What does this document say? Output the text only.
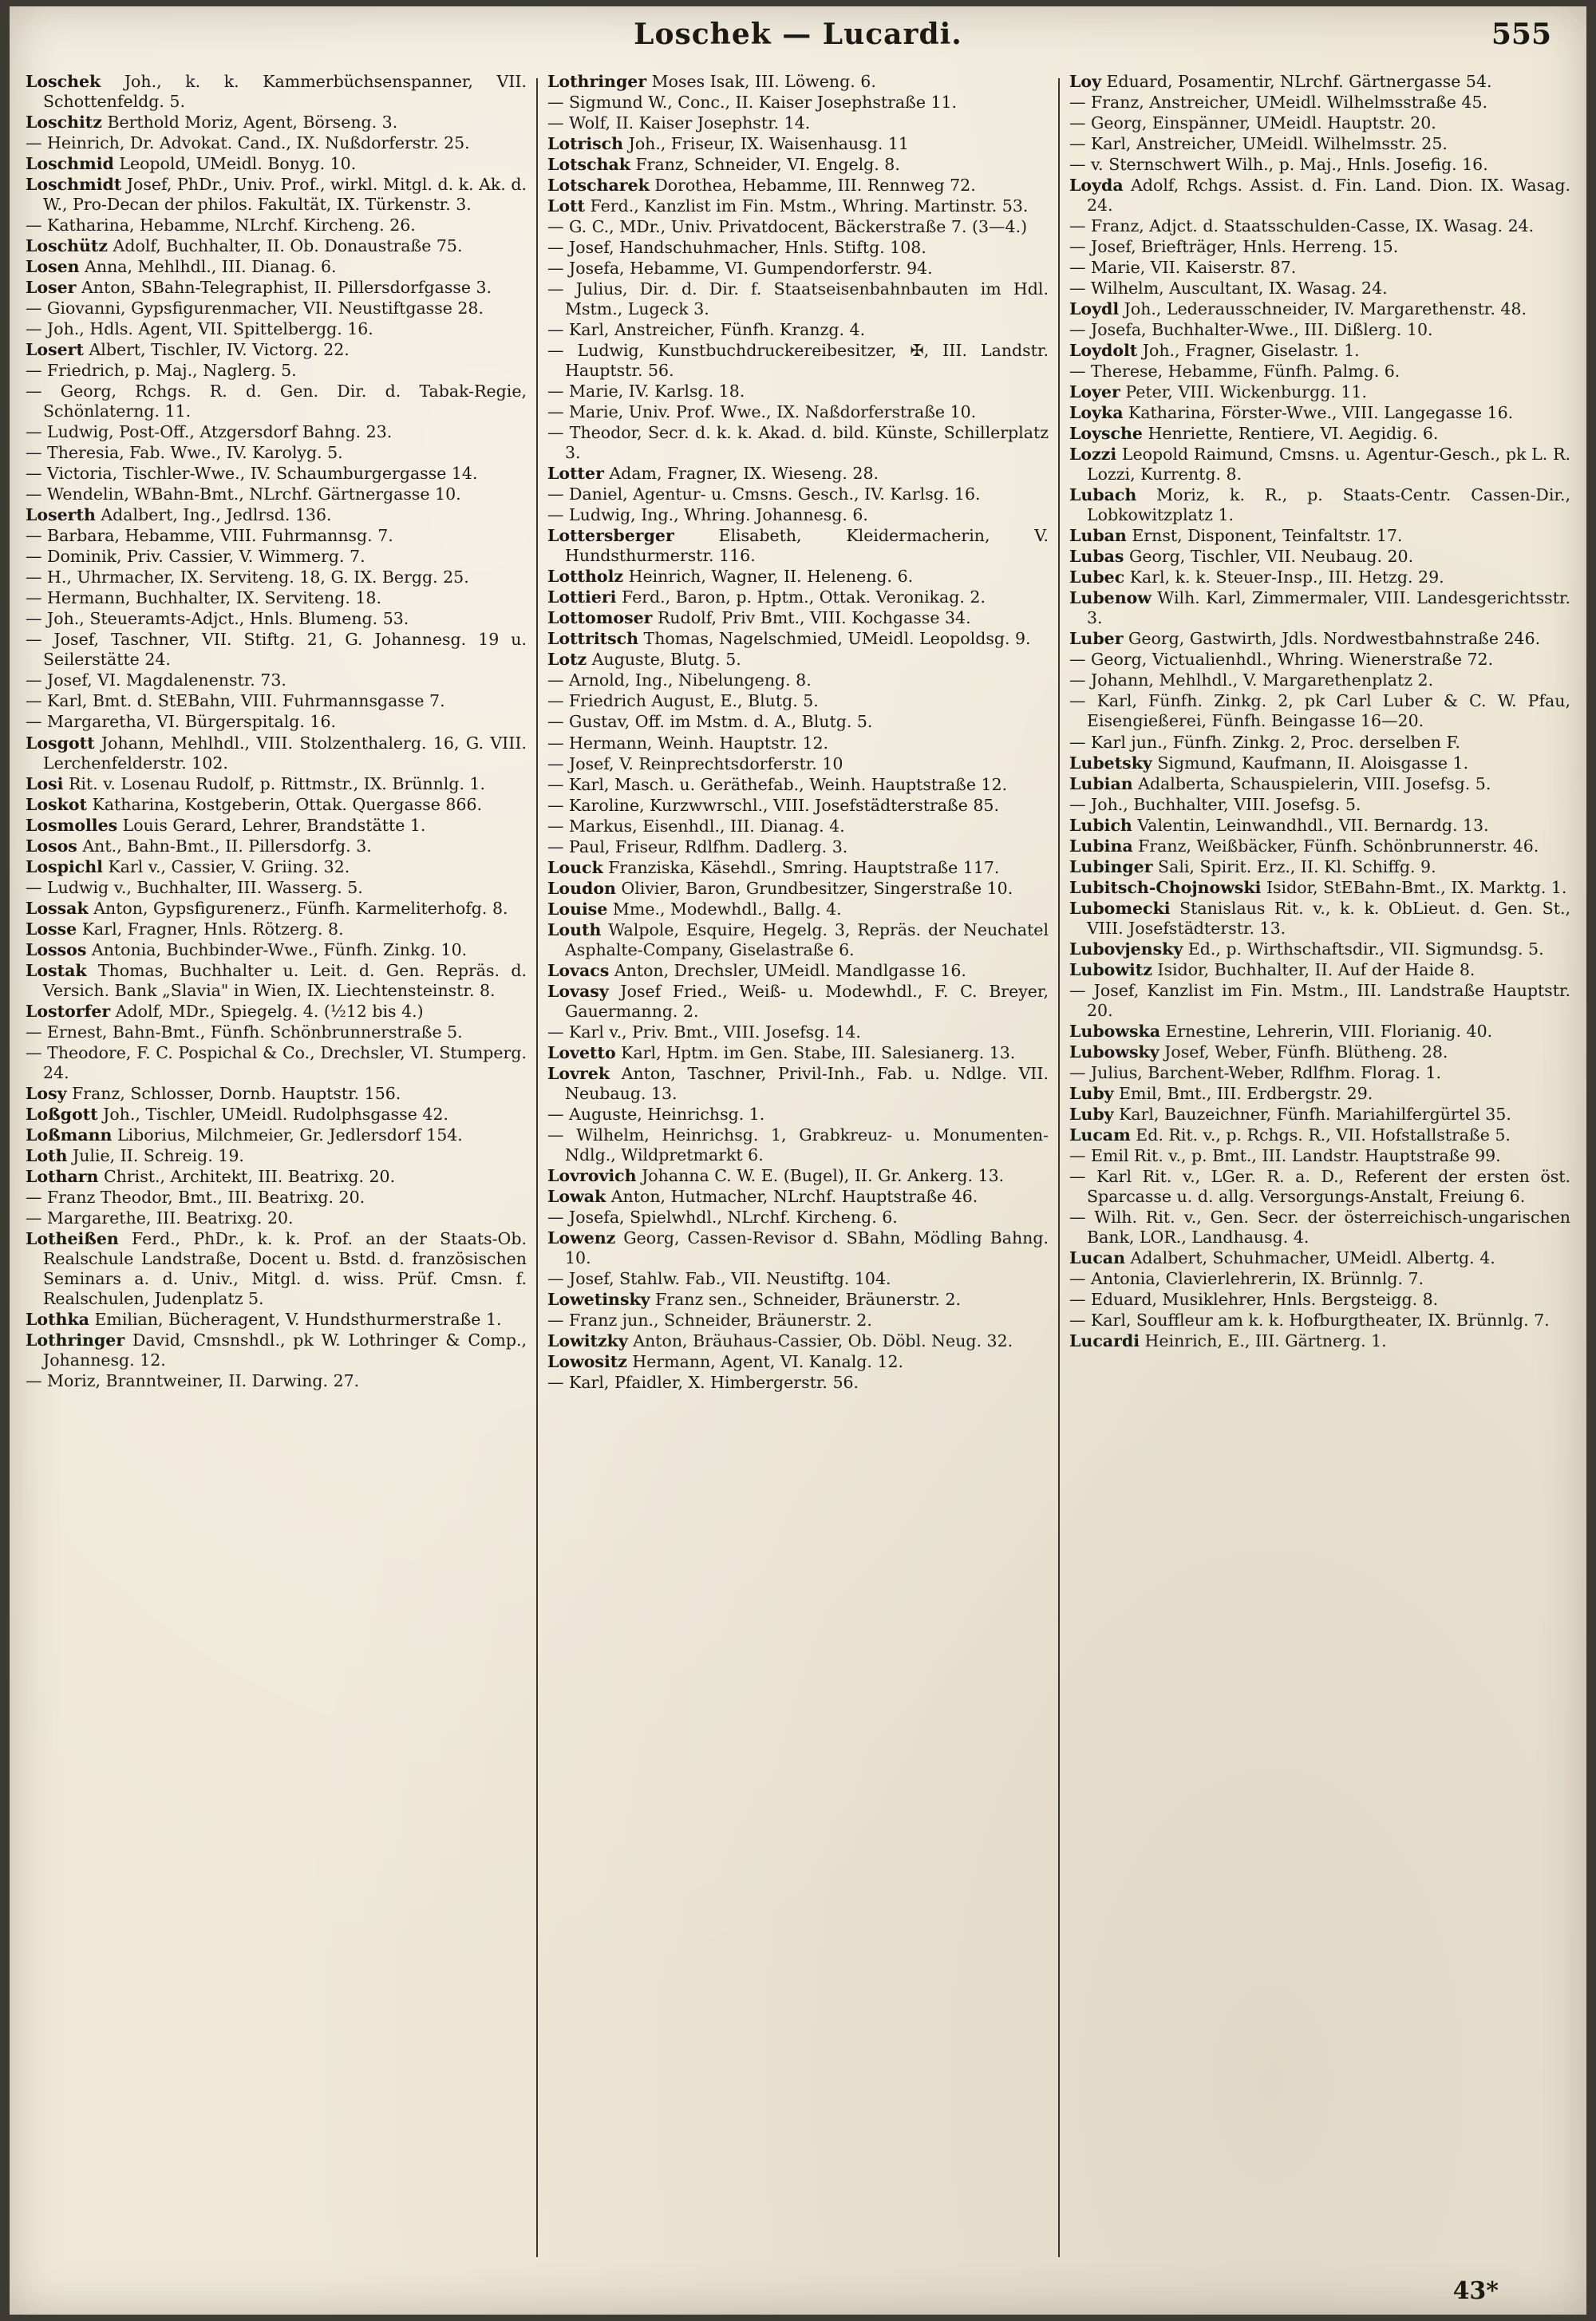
Loschek — Lucardi.	555

Loschek Joh., k. k. Kammerbüchsenspanner, VII. Schottenfeldg. 5.

Loschitz Berthold Moriz, Agent, Börseng. 3.

— Heinrich, Dr. Advokat. Cand., IX. Nußdorferstr. 25.

Loschmid Leopold, UMeidl. Bonyg. 10.

Loschmidt Josef, PhDr., Univ. Prof., wirkl. Mitgl. d. k. Ak. d. W., Pro-Decan der philos. Fakultät, IX. Türkenstr. 3.

— Katharina, Hebamme, NLrchf. Kircheng. 26.

Loschütz Adolf, Buchhalter, II. Ob. Donaustraße 75.

Losen Anna, Mehlhdl., III. Dianag. 6.

Loser Anton, SBahn-Telegraphist, II. Pillersdorfgasse 3.

— Giovanni, Gypsfigurenmacher, VII. Neustiftgasse 28.

— Joh., Hdls. Agent, VII. Spittelbergg. 16.

Losert Albert, Tischler, IV. Victorg. 22.

— Friedrich, p. Maj., Naglerg. 5.

— Georg, Rchgs. R. d. Gen. Dir. d. Tabak-Regie, Schönlaterng. 11.

— Ludwig, Post-Off., Atzgersdorf Bahng. 23.

— Theresia, Fab. Wwe., IV. Karolyg. 5.

— Victoria, Tischler-Wwe., IV. Schaumburgergasse 14.

— Wendelin, WBahn-Bmt., NLrchf. Gärtnergasse 10.

Loserth Adalbert, Ing., Jedlrsd. 136.

— Barbara, Hebamme, VIII. Fuhrmannsg. 7.

— Dominik, Priv. Cassier, V. Wimmerg. 7.

— H., Uhrmacher, IX. Serviteng. 18, G. IX. Bergg. 25.

— Hermann, Buchhalter, IX. Serviteng. 18.

— Joh., Steueramts-Adjct., Hnls. Blumeng. 53.

— Josef, Taschner, VII. Stiftg. 21, G. Johannesg. 19 u. Seilerstätte 24.

— Josef, VI. Magdalenenstr. 73.

— Karl, Bmt. d. StEBahn, VIII. Fuhrmannsgasse 7.

— Margaretha, VI. Bürgerspitalg. 16.

Losgott Johann, Mehlhdl., VIII. Stolzenthalerg. 16, G. VIII. Lerchenfelderstr. 102.

Losi Rit. v. Losenau Rudolf, p. Rittmstr., IX. Brünnlg. 1.

Loskot Katharina, Kostgeberin, Ottak. Quergasse 866.

Losmolles Louis Gerard, Lehrer, Brandstätte 1.

Losos Ant., Bahn-Bmt., II. Pillersdorfg. 3.

Lospichl Karl v., Cassier, V. Griing. 32.

— Ludwig v., Buchhalter, III. Wasserg. 5.

Lossak Anton, Gypsfigurenerz., Fünfh. Karmeliterhofg. 8.

Losse Karl, Fragner, Hnls. Rötzerg. 8.

Lossos Antonia, Buchbinder-Wwe., Fünfh. Zinkg. 10.

Lostak Thomas, Buchhalter u. Leit. d. Gen. Repräs. d. Versich. Bank „Slavia" in Wien, IX. Liechtensteinstr. 8.

Lostorfer Adolf, MDr., Spiegelg. 4. (½12 bis 4.)

— Ernest, Bahn-Bmt., Fünfh. Schönbrunnerstraße 5.

— Theodore, F. C. Pospichal & Co., Drechsler, VI. Stumperg. 24.

Losy Franz, Schlosser, Dornb. Hauptstr. 156.

Loßgott Joh., Tischler, UMeidl. Rudolphsgasse 42.

Loßmann Liborius, Milchmeier, Gr. Jedlersdorf 154.

Loth Julie, II. Schreig. 19.

Lotharn Christ., Architekt, III. Beatrixg. 20.

— Franz Theodor, Bmt., III. Beatrixg. 20.

— Margarethe, III. Beatrixg. 20.

Lotheißen Ferd., PhDr., k. k. Prof. an der Staats-Ob. Realschule Landstraße, Docent u. Bstd. d. französischen Seminars a. d. Univ., Mitgl. d. wiss. Prüf. Cmsn. f. Realschulen, Judenplatz 5.

Lothka Emilian, Bücheragent, V. Hundsthurmerstraße 1.

Lothringer David, Cmsnshdl., pk W. Lothringer & Comp., Johannesg. 12.

— Moriz, Branntweiner, II. Darwing. 27.

Lothringer Moses Isak, III. Löweng. 6.

— Sigmund W., Conc., II. Kaiser Josephstraße 11.

— Wolf, II. Kaiser Josephstr. 14.

Lotrisch Joh., Friseur, IX. Waisenhausg. 11

Lotschak Franz, Schneider, VI. Engelg. 8.

Lotscharek Dorothea, Hebamme, III. Rennweg 72.

Lott Ferd., Kanzlist im Fin. Mstm., Whring. Martinstr. 53.

— G. C., MDr., Univ. Privatdocent, Bäckerstraße 7. (3—4.)

— Josef, Handschuhmacher, Hnls. Stiftg. 108.

— Josefa, Hebamme, VI. Gumpendorferstr. 94.

— Julius, Dir. d. Dir. f. Staatseisenbahnbauten im Hdl. Mstm., Lugeck 3.

— Karl, Anstreicher, Fünfh. Kranzg. 4.

— Ludwig, Kunstbuchdruckereibesitzer, ✠, III. Landstr. Hauptstr. 56.

— Marie, IV. Karlsg. 18.

— Marie, Univ. Prof. Wwe., IX. Naßdorferstraße 10.

— Theodor, Secr. d. k. k. Akad. d. bild. Künste, Schillerplatz 3.

Lotter Adam, Fragner, IX. Wieseng. 28.

— Daniel, Agentur- u. Cmsns. Gesch., IV. Karlsg. 16.

— Ludwig, Ing., Whring. Johannesg. 6.

Lottersberger Elisabeth, Kleidermacherin, V. Hundsthurmerstr. 116.

Lottholz Heinrich, Wagner, II. Heleneng. 6.

Lottieri Ferd., Baron, p. Hptm., Ottak. Veronikag. 2.

Lottomoser Rudolf, Priv Bmt., VIII. Kochgasse 34.

Lottritsch Thomas, Nagelschmied, UMeidl. Leopoldsg. 9.

Lotz Auguste, Blutg. 5.

— Arnold, Ing., Nibelungeng. 8.

— Friedrich August, E., Blutg. 5.

— Gustav, Off. im Mstm. d. A., Blutg. 5.

— Hermann, Weinh. Hauptstr. 12.

— Josef, V. Reinprechtsdorferstr. 10

— Karl, Masch. u. Geräthefab., Weinh. Hauptstraße 12.

— Karoline, Kurzwwrschl., VIII. Josefstädterstraße 85.

— Markus, Eisenhdl., III. Dianag. 4.

— Paul, Friseur, Rdlfhm. Dadlerg. 3.

Louck Franziska, Käsehdl., Smring. Hauptstraße 117.

Loudon Olivier, Baron, Grundbesitzer, Singerstraße 10.

Louise Mme., Modewhdl., Ballg. 4.

Louth Walpole, Esquire, Hegelg. 3, Repräs. der Neuchatel Asphalte-Company, Giselastraße 6.

Lovacs Anton, Drechsler, UMeidl. Mandlgasse 16.

Lovasy Josef Fried., Weiß- u. Modewhdl., F. C. Breyer, Gauermanng. 2.

— Karl v., Priv. Bmt., VIII. Josefsg. 14.

Lovetto Karl, Hptm. im Gen. Stabe, III. Salesianerg. 13.

Lovrek Anton, Taschner, Privil-Inh., Fab. u. Ndlge. VII. Neubaug. 13.

— Auguste, Heinrichsg. 1.

— Wilhelm, Heinrichsg. 1, Grabkreuz- u. Monumenten-Ndlg., Wildpretmarkt 6.

Lovrovich Johanna C. W. E. (Bugel), II. Gr. Ankerg. 13.

Lowak Anton, Hutmacher, NLrchf. Hauptstraße 46.

— Josefa, Spielwhdl., NLrchf. Kircheng. 6.

Lowenz Georg, Cassen-Revisor d. SBahn, Mödling Bahng. 10.

— Josef, Stahlw. Fab., VII. Neustiftg. 104.

Lowetinsky Franz sen., Schneider, Bräunerstr. 2.

— Franz jun., Schneider, Bräunerstr. 2.

Lowitzky Anton, Bräuhaus-Cassier, Ob. Döbl. Neug. 32.

Lowositz Hermann, Agent, VI. Kanalg. 12.

— Karl, Pfaidler, X. Himbergerstr. 56.

Loy Eduard, Posamentir, NLrchf. Gärtnergasse 54.

— Franz, Anstreicher, UMeidl. Wilhelmsstraße 45.

— Georg, Einspänner, UMeidl. Hauptstr. 20.

— Karl, Anstreicher, UMeidl. Wilhelmsstr. 25.

— v. Sternschwert Wilh., p. Maj., Hnls. Josefig. 16.

Loyda Adolf, Rchgs. Assist. d. Fin. Land. Dion. IX. Wasag. 24.

— Franz, Adjct. d. Staatsschulden-Casse, IX. Wasag. 24.

— Josef, Briefträger, Hnls. Herreng. 15.

— Marie, VII. Kaiserstr. 87.

— Wilhelm, Auscultant, IX. Wasag. 24.

Loydl Joh., Lederausschneider, IV. Margarethenstr. 48.

— Josefa, Buchhalter-Wwe., III. Dißlerg. 10.

Loydolt Joh., Fragner, Giselastr. 1.

— Therese, Hebamme, Fünfh. Palmg. 6.

Loyer Peter, VIII. Wickenburgg. 11.

Loyka Katharina, Förster-Wwe., VIII. Langegasse 16.

Loysche Henriette, Rentiere, VI. Aegidig. 6.

Lozzi Leopold Raimund, Cmsns. u. Agentur-Gesch., pk L. R. Lozzi, Kurrentg. 8.

Lubach Moriz, k. R., p. Staats-Centr. Cassen-Dir., Lobkowitzplatz 1.

Luban Ernst, Disponent, Teinfaltstr. 17.

Lubas Georg, Tischler, VII. Neubaug. 20.

Lubec Karl, k. k. Steuer-Insp., III. Hetzg. 29.

Lubenow Wilh. Karl, Zimmermaler, VIII. Landesgerichtsstr. 3.

Luber Georg, Gastwirth, Jdls. Nordwestbahnstraße 246.

— Georg, Victualienhdl., Whring. Wienerstraße 72.

— Johann, Mehlhdl., V. Margarethenplatz 2.

— Karl, Fünfh. Zinkg. 2, pk Carl Luber & C. W. Pfau, Eisengießerei, Fünfh. Beingasse 16—20.

— Karl jun., Fünfh. Zinkg. 2, Proc. derselben F.

Lubetsky Sigmund, Kaufmann, II. Aloisgasse 1.

Lubian Adalberta, Schauspielerin, VIII. Josefsg. 5.

— Joh., Buchhalter, VIII. Josefsg. 5.

Lubich Valentin, Leinwandhdl., VII. Bernardg. 13.

Lubina Franz, Weißbäcker, Fünfh. Schönbrunnerstr. 46.

Lubinger Sali, Spirit. Erz., II. Kl. Schiffg. 9.

Lubitsch-Chojnowski Isidor, StEBahn-Bmt., IX. Marktg. 1.

Lubomecki Stanislaus Rit. v., k. k. ObLieut. d. Gen. St., VIII. Josefstädterstr. 13.

Lubovjensky Ed., p. Wirthschaftsdir., VII. Sigmundsg. 5.

Lubowitz Isidor, Buchhalter, II. Auf der Haide 8.

— Josef, Kanzlist im Fin. Mstm., III. Landstraße Hauptstr. 20.

Lubowska Ernestine, Lehrerin, VIII. Florianig. 40.

Lubowsky Josef, Weber, Fünfh. Blütheng. 28.

— Julius, Barchent-Weber, Rdlfhm. Florag. 1.

Luby Emil, Bmt., III. Erdbergstr. 29.

Luby Karl, Bauzeichner, Fünfh. Mariahilfergürtel 35.

Lucam Ed. Rit. v., p. Rchgs. R., VII. Hofstallstraße 5.

— Emil Rit. v., p. Bmt., III. Landstr. Hauptstraße 99.

— Karl Rit. v., LGer. R. a. D., Referent der ersten öst. Sparcasse u. d. allg. Versorgungs-Anstalt, Freiung 6.

— Wilh. Rit. v., Gen. Secr. der österreichisch-ungarischen Bank, LOR., Landhausg. 4.

Lucan Adalbert, Schuhmacher, UMeidl. Albertg. 4.

— Antonia, Clavierlehrerin, IX. Brünnlg. 7.

— Eduard, Musiklehrer, Hnls. Bergsteigg. 8.

— Karl, Souffleur am k. k. Hofburgtheater, IX. Brünnlg. 7.

Lucardi Heinrich, E., III. Gärtnerg. 1.

43*
